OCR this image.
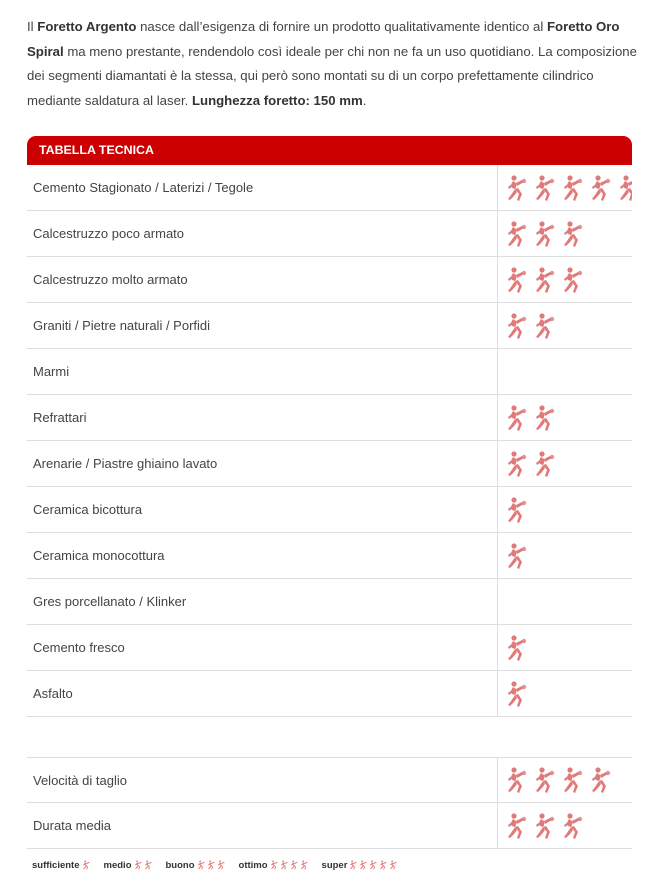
Il Foretto Argento nasce dall’esigenza di fornire un prodotto qualitativamente identico al Foretto Oro Spiral ma meno prestante, rendendolo così ideale per chi non ne fa un uso quotidiano. La composizione dei segmenti diamantati è la stessa, qui però sono montati su di un corpo prefettamente cilindrico mediante saldatura al laser. Lunghezza foretto: 150 mm.
TABELLA TECNICA
Cemento Stagionato / Laterizi / Tegole
Calcestruzzo poco armato
Calcestruzzo molto armato
Graniti / Pietre naturali / Porfidi
Marmi
Refrattari
Arenarie / Piastre ghiaino lavato
Ceramica bicottura
Ceramica monocottura
Gres porcellanato / Klinker
Cemento fresco
Asfalto
Velocità di taglio
Durata media
sufficiente	medio	buono	ottimo	super
